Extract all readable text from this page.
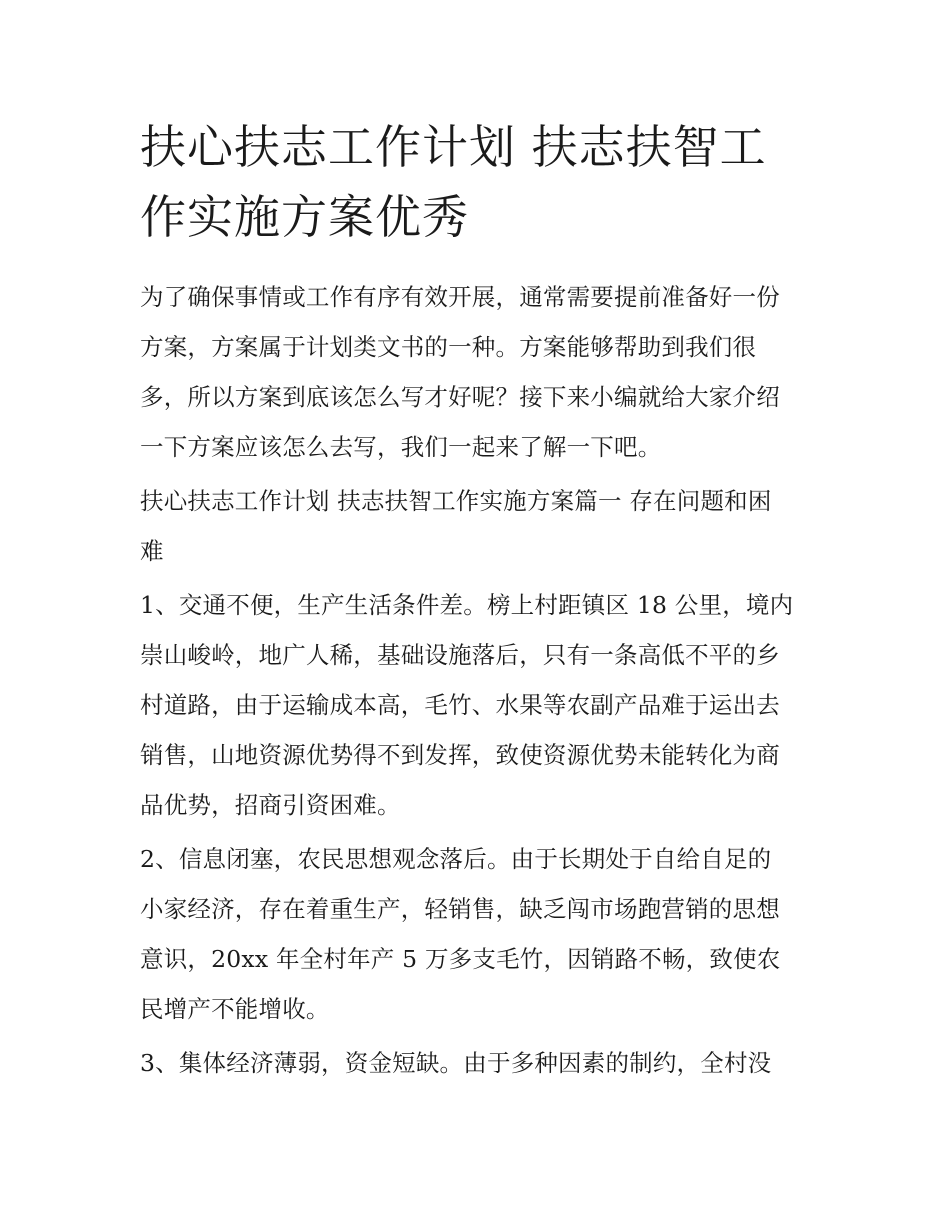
扶心扶志工作计划 扶志扶智工
作实施方案优秀

为了确保事情或工作有序有效开展，通常需要提前准备好一份
方案，方案属于计划类文书的一种。方案能够帮助到我们很
多，所以方案到底该怎么写才好呢？接下来小编就给大家介绍
一下方案应该怎么去写，我们一起来了解一下吧。

扶心扶志工作计划 扶志扶智工作实施方案篇一 存在问题和困
难

1、交通不便，生产生活条件差。榜上村距镇区 18 公里，境内
崇山峻岭，地广人稀，基础设施落后，只有一条高低不平的乡
村道路，由于运输成本高，毛竹、水果等农副产品难于运出去
销售，山地资源优势得不到发挥，致使资源优势未能转化为商
品优势，招商引资困难。

2、信息闭塞，农民思想观念落后。由于长期处于自给自足的
小家经济，存在着重生产，轻销售，缺乏闯市场跑营销的思想
意识，20xx 年全村年产 5 万多支毛竹，因销路不畅，致使农
民增产不能增收。

3、集体经济薄弱，资金短缺。由于多种因素的制约，全村没
